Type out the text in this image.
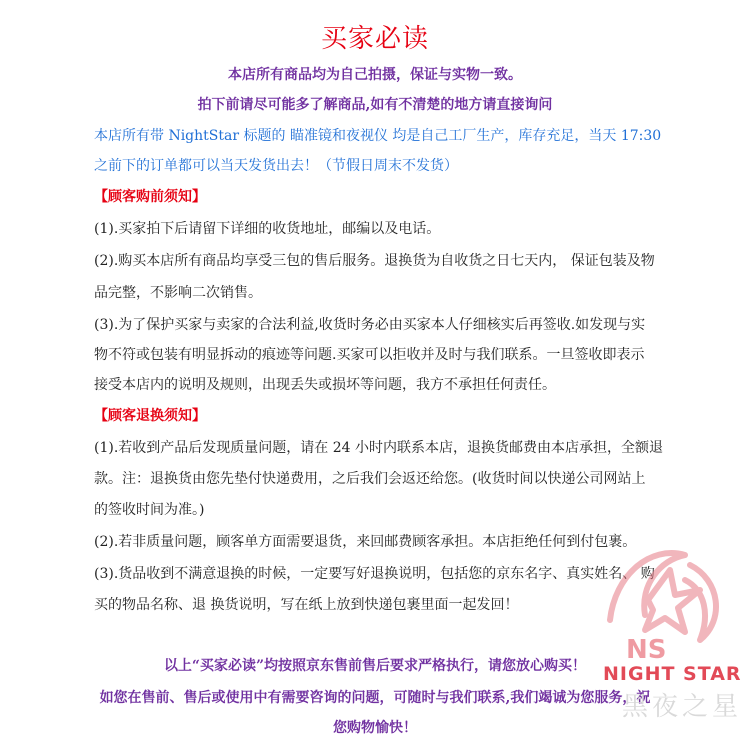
买家必读
本店所有商品均为自己拍摄，保证与实物一致。
拍下前请尽可能多了解商品,如有不清楚的地方请直接询问
本店所有带 NightStar 标题的 瞄准镜和夜视仪 均是自己工厂生产，库存充足，当天 17:30
之前下的订单都可以当天发货出去！（节假日周末不发货）
【顾客购前须知】
(1).买家拍下后请留下详细的收货地址，邮编以及电话。
(2).购买本店所有商品均享受三包的售后服务。退换货为自收货之日七天内， 保证包装及物
品完整，不影响二次销售。
(3).为了保护买家与卖家的合法利益,收货时务必由买家本人仔细核实后再签收.如发现与实
物不符或包装有明显拆动的痕迹等问题.买家可以拒收并及时与我们联系。一旦签收即表示
接受本店内的说明及规则，出现丢失或损坏等问题，我方不承担任何责任。
【顾客退换须知】
(1).若收到产品后发现质量问题，请在 24 小时内联系本店，退换货邮费由本店承担，全额退
款。注：退换货由您先垫付快递费用，之后我们会返还给您。(收货时间以快递公司网站上
的签收时间为准。)
(2).若非质量问题，顾客单方面需要退货，来回邮费顾客承担。本店拒绝任何到付包裹。
(3).货品收到不满意退换的时候，一定要写好退换说明，包括您的京东名字、真实姓名、 购
买的物品名称、退 换货说明，写在纸上放到快递包裹里面一起发回！
以上“买家必读”均按照京东售前售后要求严格执行，请您放心购买！
如您在售前、售后或使用中有需要咨询的问题，可随时与我们联系,我们竭诚为您服务，祝
您购物愉快！
NS
NIGHT STAR
黑夜之星
